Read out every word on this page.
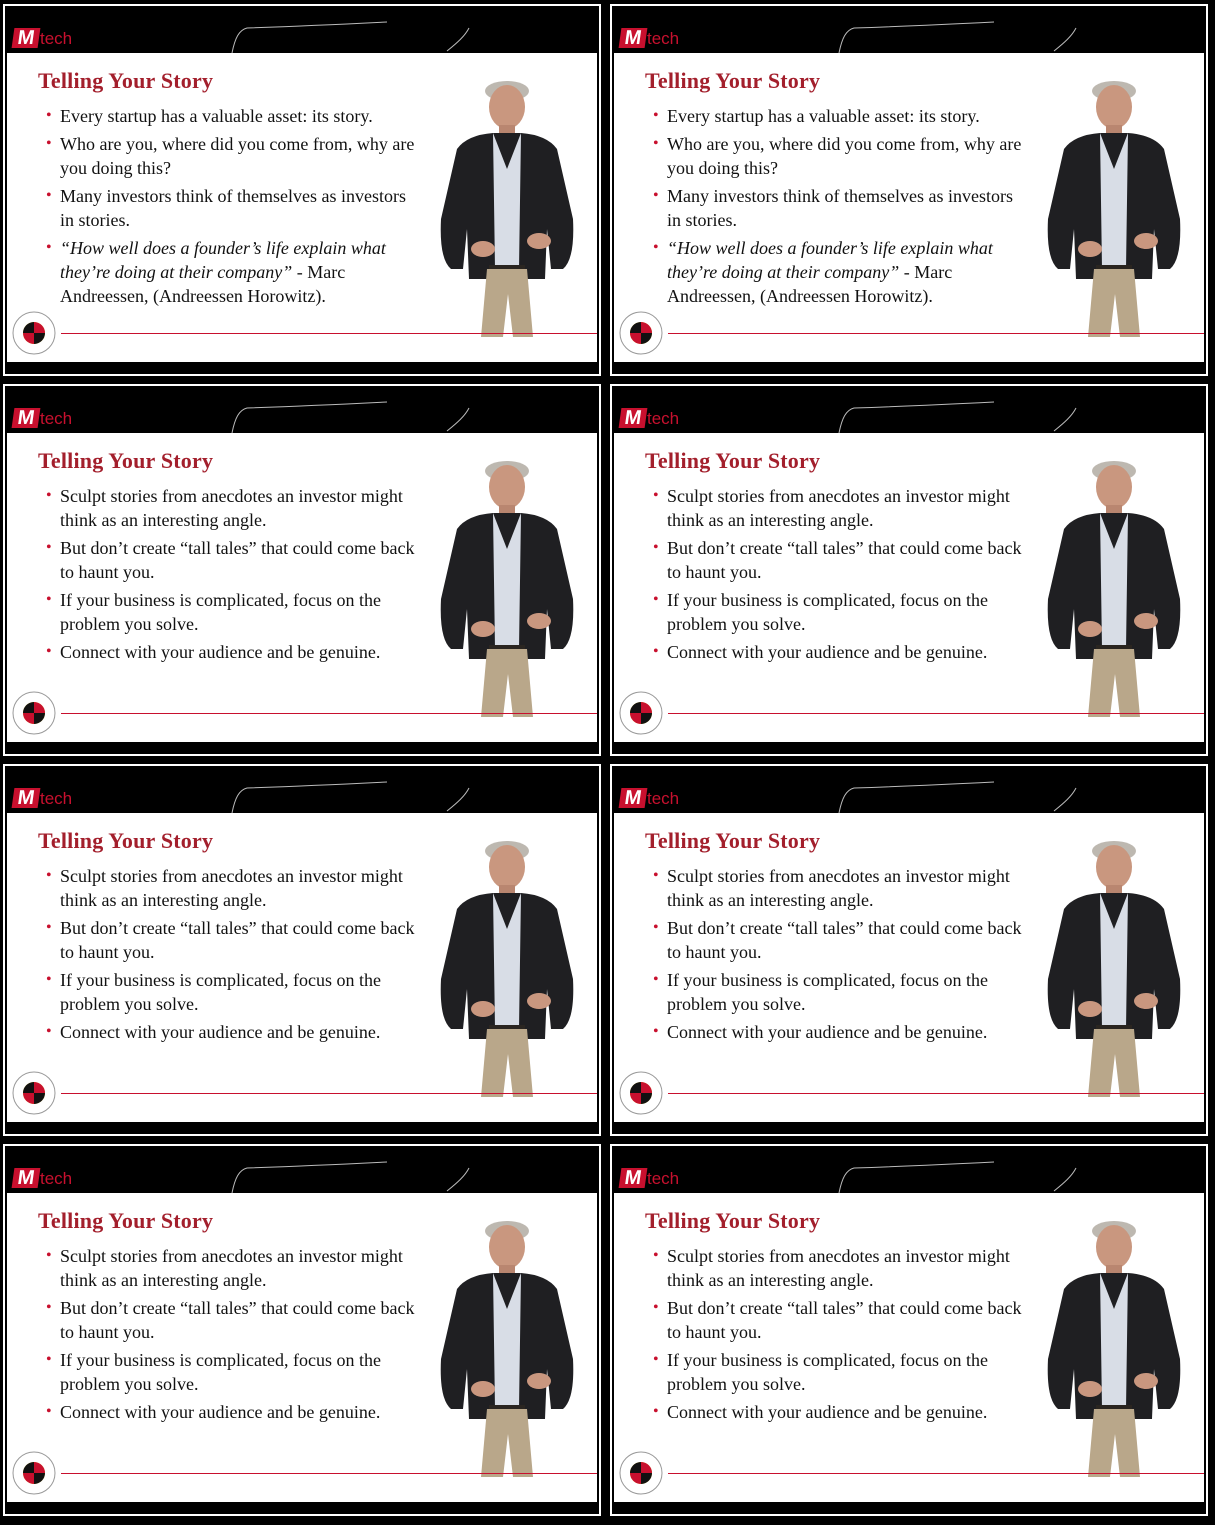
M tech
Telling Your Story
• Every startup has a valuable asset: its story.
• Who are you, where did you come from, why are you doing this?
• Many investors think of themselves as investors in stories.
• “How well does a founder’s life explain what they’re doing at their company” - Marc Andreessen, (Andreessen Horowitz).
M tech
Telling Your Story
• Every startup has a valuable asset: its story.
• Who are you, where did you come from, why are you doing this?
• Many investors think of themselves as investors in stories.
• “How well does a founder’s life explain what they’re doing at their company” - Marc Andreessen, (Andreessen Horowitz).
M tech
Telling Your Story
• Sculpt stories from anecdotes an investor might think as an interesting angle.
• But don’t create “tall tales” that could come back to haunt you.
• If your business is complicated, focus on the problem you solve.
• Connect with your audience and be genuine.
M tech
Telling Your Story
• Sculpt stories from anecdotes an investor might think as an interesting angle.
• But don’t create “tall tales” that could come back to haunt you.
• If your business is complicated, focus on the problem you solve.
• Connect with your audience and be genuine.
M tech
Telling Your Story
• Sculpt stories from anecdotes an investor might think as an interesting angle.
• But don’t create “tall tales” that could come back to haunt you.
• If your business is complicated, focus on the problem you solve.
• Connect with your audience and be genuine.
M tech
Telling Your Story
• Sculpt stories from anecdotes an investor might think as an interesting angle.
• But don’t create “tall tales” that could come back to haunt you.
• If your business is complicated, focus on the problem you solve.
• Connect with your audience and be genuine.
M tech
Telling Your Story
• Sculpt stories from anecdotes an investor might think as an interesting angle.
• But don’t create “tall tales” that could come back to haunt you.
• If your business is complicated, focus on the problem you solve.
• Connect with your audience and be genuine.
M tech
Telling Your Story
• Sculpt stories from anecdotes an investor might think as an interesting angle.
• But don’t create “tall tales” that could come back to haunt you.
• If your business is complicated, focus on the problem you solve.
• Connect with your audience and be genuine.
